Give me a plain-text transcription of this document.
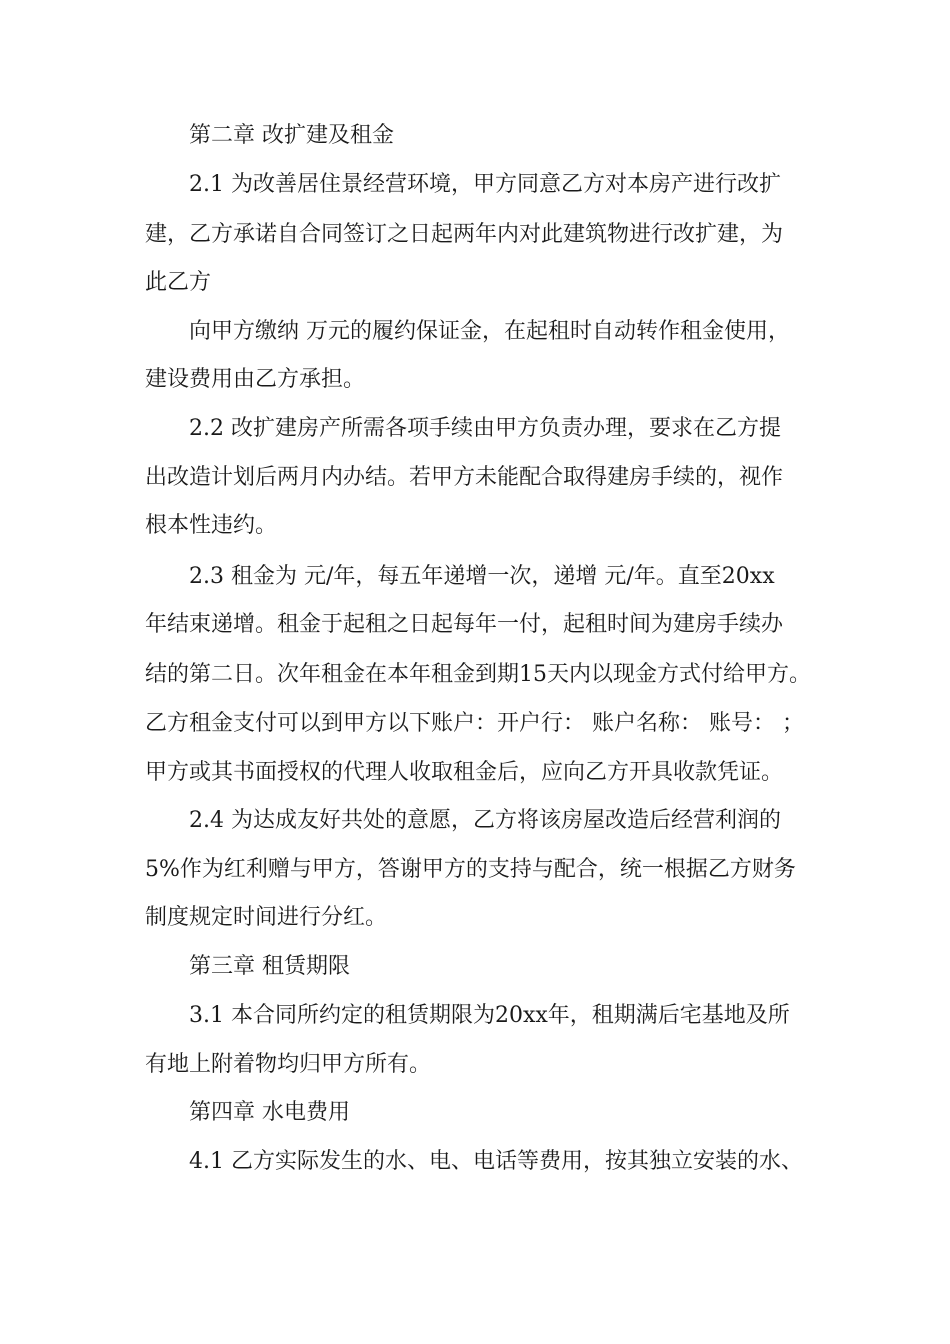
第二章 改扩建及租金
2.1 为改善居住景经营环境，甲方同意乙方对本房产进行改扩
建，乙方承诺自合同签订之日起两年内对此建筑物进行改扩建，为
此乙方
向甲方缴纳 万元的履约保证金，在起租时自动转作租金使用，
建设费用由乙方承担。
2.2 改扩建房产所需各项手续由甲方负责办理，要求在乙方提
出改造计划后两月内办结。若甲方未能配合取得建房手续的，视作
根本性违约。
2.3 租金为 元/年，每五年递增一次，递增 元/年。直至20xx
年结束递增。租金于起租之日起每年一付，起租时间为建房手续办
结的第二日。次年租金在本年租金到期15天内以现金方式付给甲方。
乙方租金支付可以到甲方以下账户：开户行： 账户名称： 账号： ；
甲方或其书面授权的代理人收取租金后，应向乙方开具收款凭证。
2.4 为达成友好共处的意愿，乙方将该房屋改造后经营利润的
5%作为红利赠与甲方，答谢甲方的支持与配合，统一根据乙方财务
制度规定时间进行分红。
第三章 租赁期限
3.1 本合同所约定的租赁期限为20xx年，租期满后宅基地及所
有地上附着物均归甲方所有。
第四章 水电费用
4.1 乙方实际发生的水、电、电话等费用，按其独立安装的水、
